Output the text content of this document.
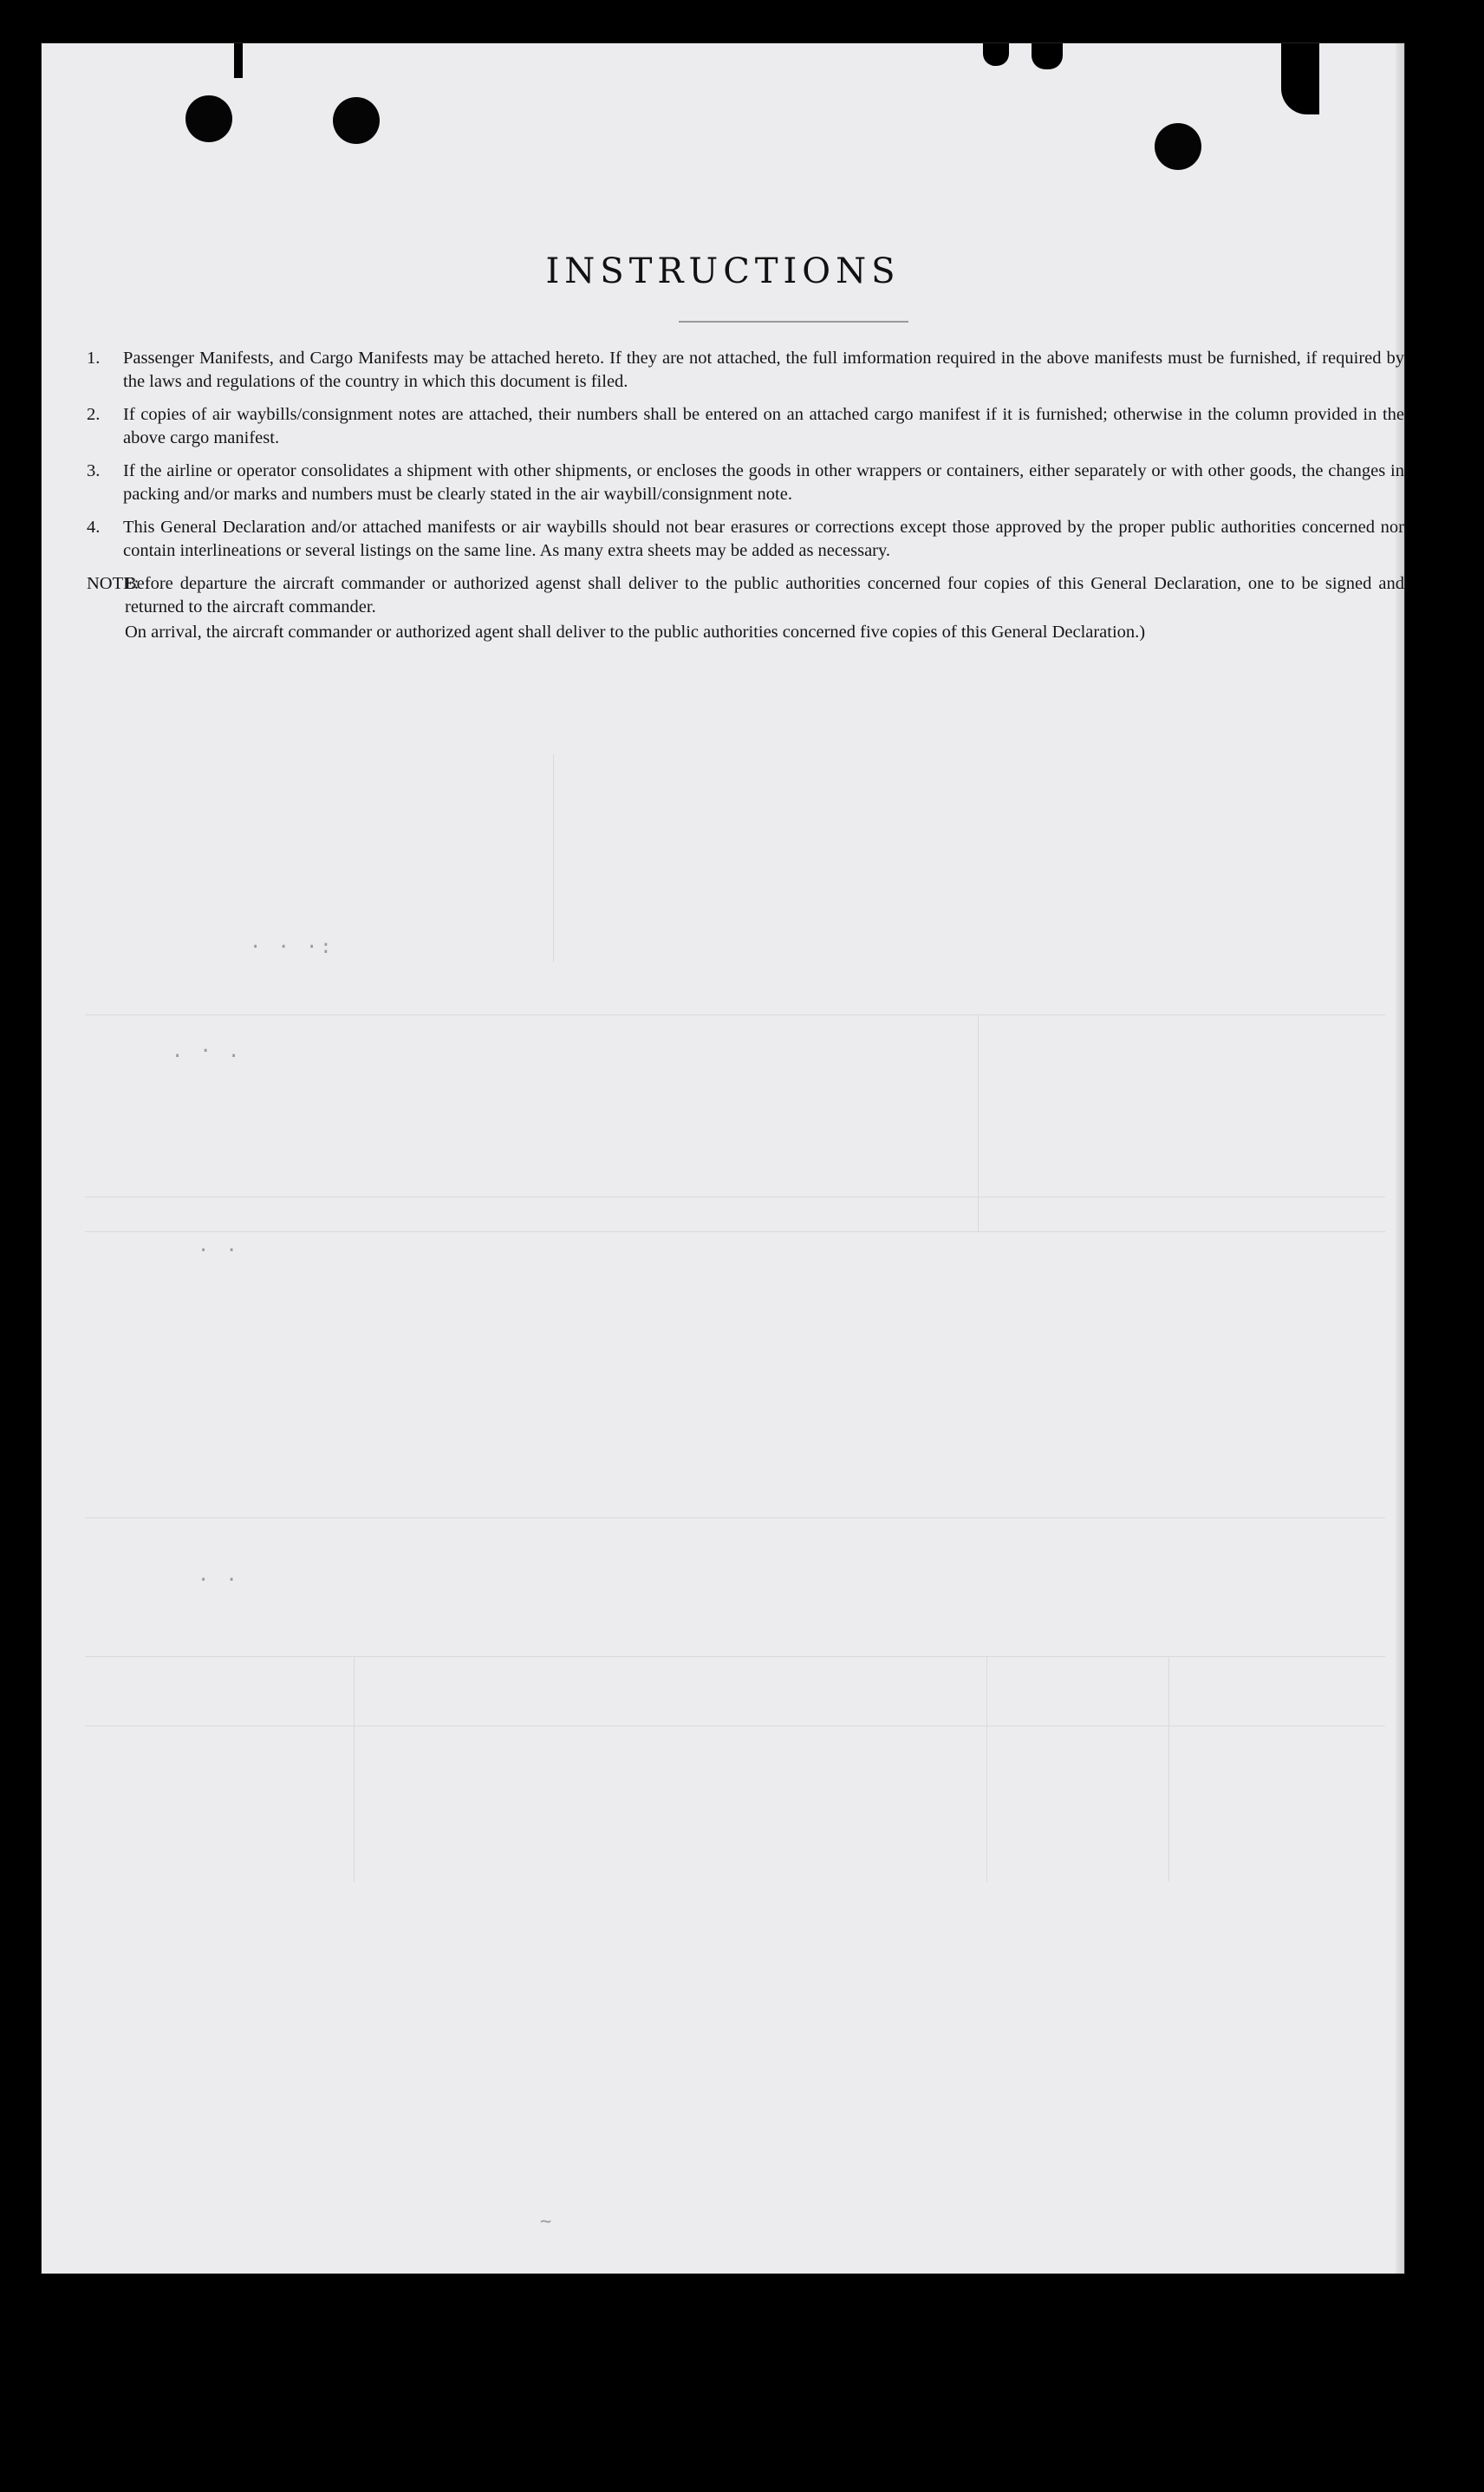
· · ·:
. · .
· ·
· ·
~
INSTRUCTIONS
1.	Passenger Manifests, and Cargo Manifests may be attached hereto. If they are not attached, the full imformation required in the above manifests must be furnished, if required by the laws and regulations of the country in which this document is filed.
2.	If copies of air waybills/consignment notes are attached, their numbers shall be entered on an attached cargo manifest if it is furnished; otherwise in the column provided in the above cargo manifest.
3.	If the airline or operator consolidates a shipment with other shipments, or encloses the goods in other wrappers or containers, either separately or with other goods, the changes in packing and/or marks and numbers must be clearly stated in the air waybill/consignment note.
4.	This General Declaration and/or attached manifests or air waybills should not bear erasures or corrections except those approved by the proper public authorities concerned nor contain interlineations or several listings on the same line. As many extra sheets may be added as necessary.
NOTE:

Before departure the aircraft commander or authorized agenst shall deliver to the public authorities concerned four copies of this General Declaration, one to be signed and returned to the aircraft commander.

On arrival, the aircraft commander or authorized agent shall deliver to the public authorities concerned five copies of this General Declaration.)
